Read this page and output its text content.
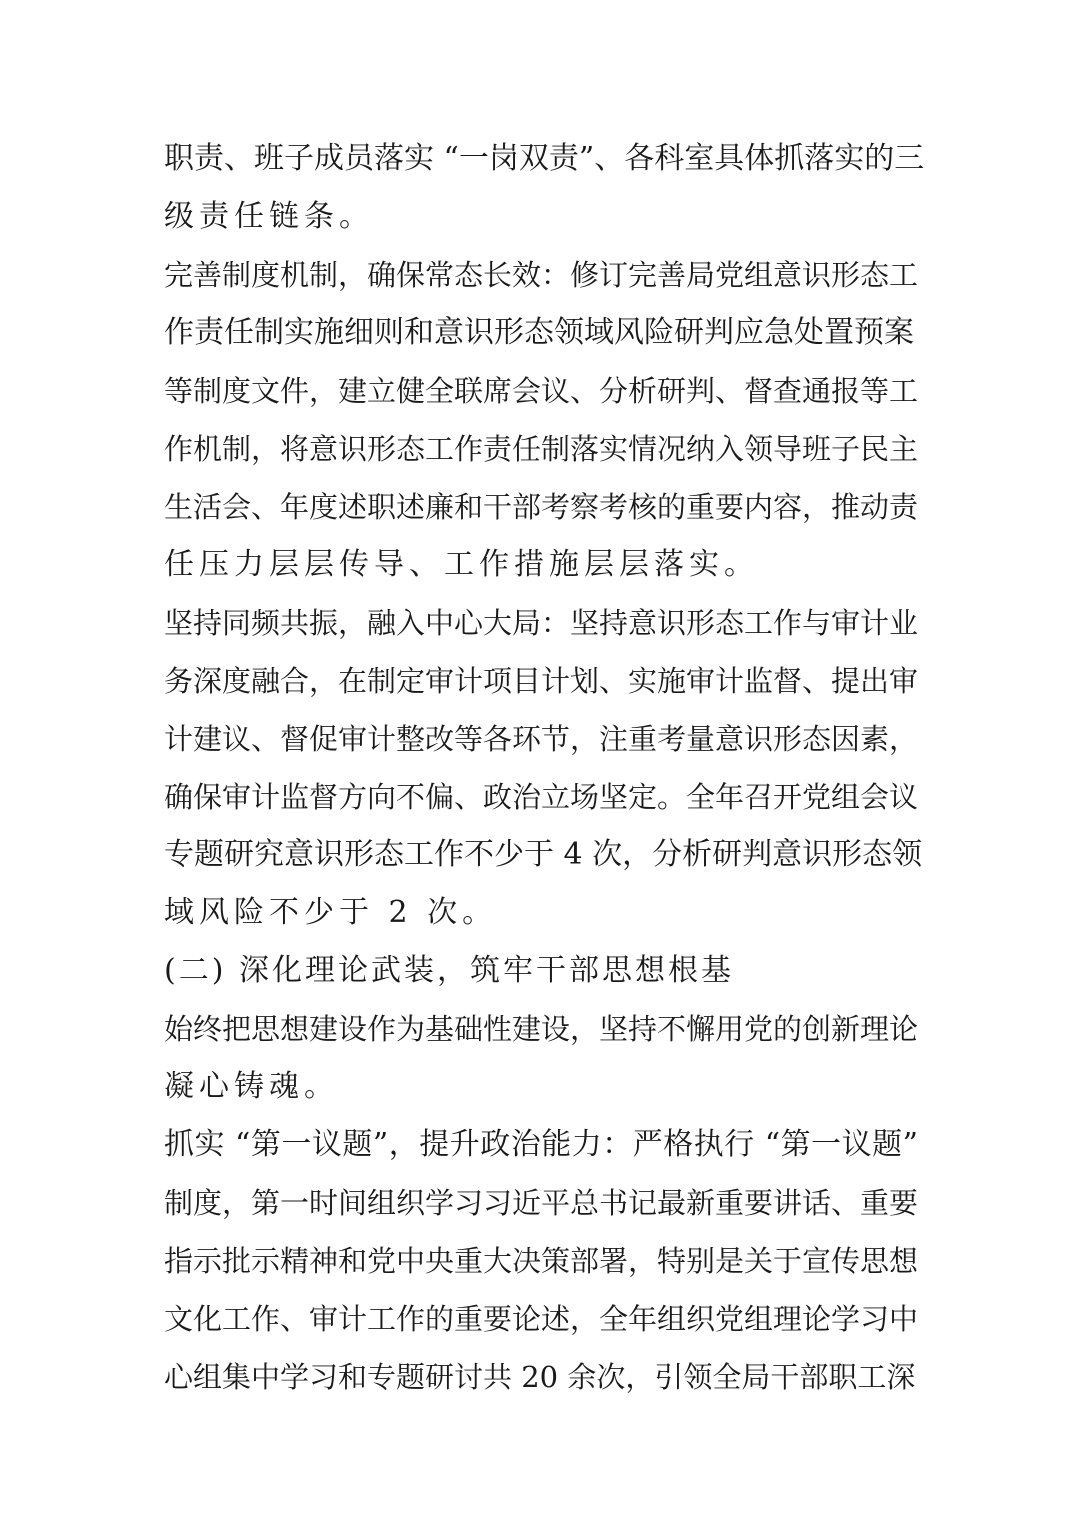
职责、班子成员落实 “一岗双责”、各科室具体抓落实的三
级责任链条。
完善制度机制，确保常态长效：修订完善局党组意识形态工
作责任制实施细则和意识形态领域风险研判应急处置预案
等制度文件，建立健全联席会议、分析研判、督查通报等工
作机制，将意识形态工作责任制落实情况纳入领导班子民主
生活会、年度述职述廉和干部考察考核的重要内容，推动责
任压力层层传导、工作措施层层落实。
坚持同频共振，融入中心大局：坚持意识形态工作与审计业
务深度融合，在制定审计项目计划、实施审计监督、提出审
计建议、督促审计整改等各环节，注重考量意识形态因素，
确保审计监督方向不偏、政治立场坚定。全年召开党组会议
专题研究意识形态工作不少于 4 次，分析研判意识形态领
域风险不少于 2 次。
(二) 深化理论武装，筑牢干部思想根基
始终把思想建设作为基础性建设，坚持不懈用党的创新理论
凝心铸魂。
抓实 “第一议题”，提升政治能力：严格执行 “第一议题”
制度，第一时间组织学习习近平总书记最新重要讲话、重要
指示批示精神和党中央重大决策部署，特别是关于宣传思想
文化工作、审计工作的重要论述，全年组织党组理论学习中
心组集中学习和专题研讨共 20 余次，引领全局干部职工深
